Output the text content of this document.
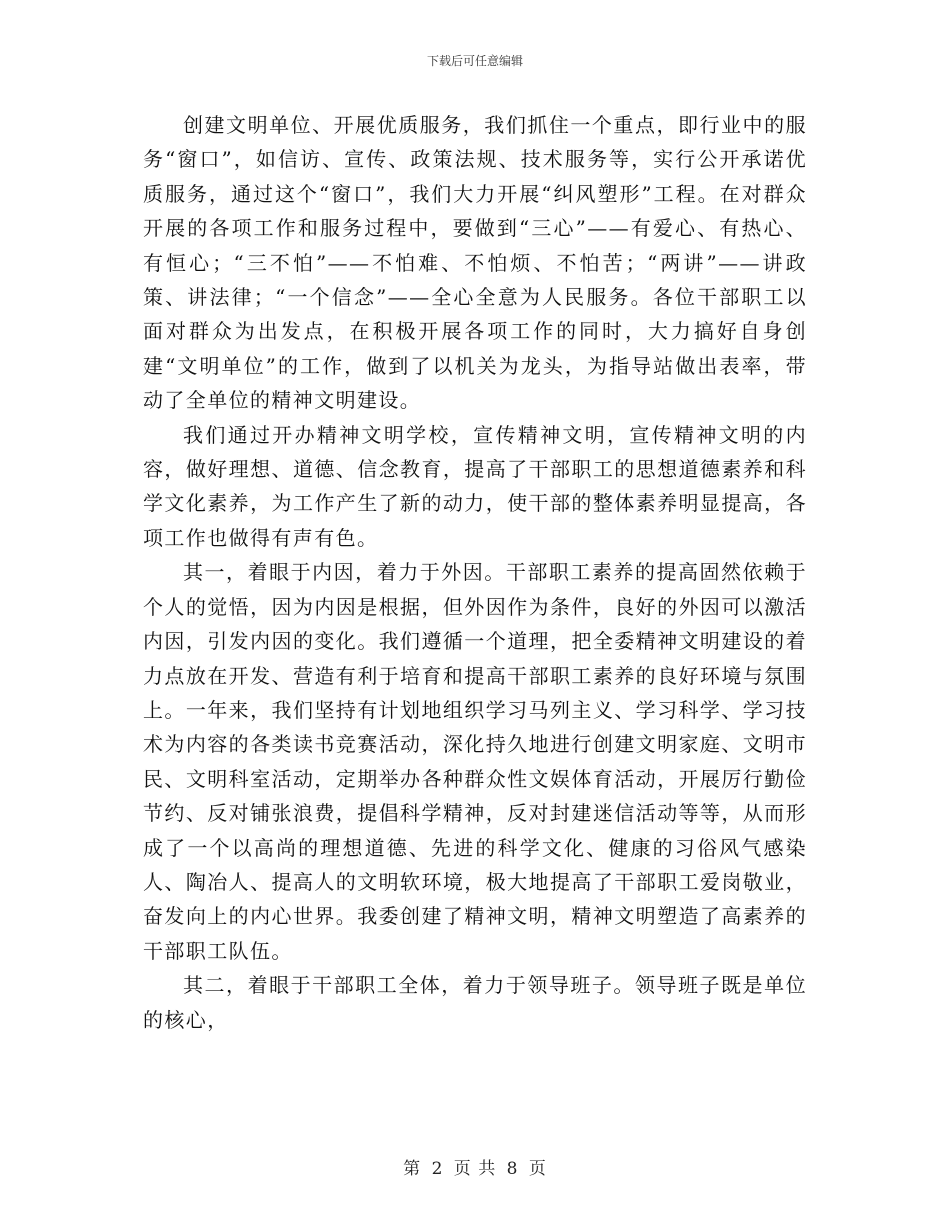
下载后可任意编辑

创建文明单位、开展优质服务，我们抓住一个重点，即行业中的服务“窗口”，如信访、宣传、政策法规、技术服务等，实行公开承诺优质服务，通过这个“窗口”，我们大力开展“纠风塑形”工程。在对群众开展的各项工作和服务过程中，要做到“三心”——有爱心、有热心、有恒心；“三不怕”——不怕难、不怕烦、不怕苦；“两讲”——讲政策、讲法律；“一个信念”——全心全意为人民服务。各位干部职工以面对群众为出发点，在积极开展各项工作的同时，大力搞好自身创建“文明单位”的工作，做到了以机关为龙头，为指导站做出表率，带动了全单位的精神文明建设。

我们通过开办精神文明学校，宣传精神文明，宣传精神文明的内容，做好理想、道德、信念教育，提高了干部职工的思想道德素养和科学文化素养，为工作产生了新的动力，使干部的整体素养明显提高，各项工作也做得有声有色。

其一，着眼于内因，着力于外因。干部职工素养的提高固然依赖于个人的觉悟，因为内因是根据，但外因作为条件，良好的外因可以激活内因，引发内因的变化。我们遵循一个道理，把全委精神文明建设的着力点放在开发、营造有利于培育和提高干部职工素养的良好环境与氛围上。一年来，我们坚持有计划地组织学习马列主义、学习科学、学习技术为内容的各类读书竞赛活动，深化持久地进行创建文明家庭、文明市民、文明科室活动，定期举办各种群众性文娱体育活动，开展厉行勤俭节约、反对铺张浪费，提倡科学精神，反对封建迷信活动等等，从而形成了一个以高尚的理想道德、先进的科学文化、健康的习俗风气感染人、陶冶人、提高人的文明软环境，极大地提高了干部职工爱岗敬业，奋发向上的内心世界。我委创建了精神文明，精神文明塑造了高素养的干部职工队伍。

其二，着眼于干部职工全体，着力于领导班子。领导班子既是单位的核心，

第 2 页 共 8 页
